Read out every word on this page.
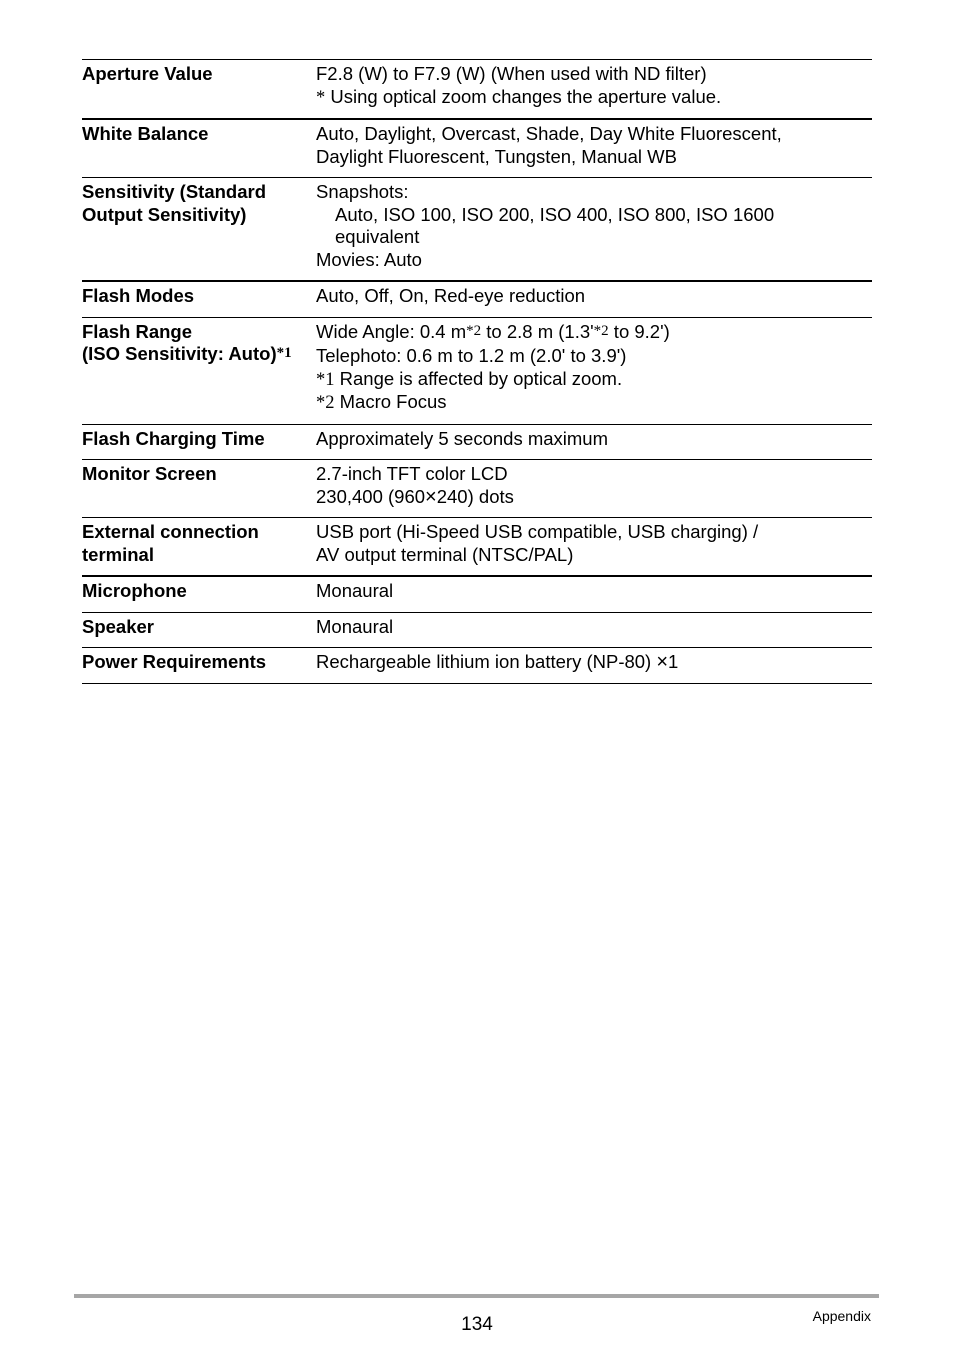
Aperture Value	F2.8 (W) to F7.9 (W) (When used with ND filter)
* Using optical zoom changes the aperture value.

White Balance	Auto, Daylight, Overcast, Shade, Day White Fluorescent,
Daylight Fluorescent, Tungsten, Manual WB

Sensitivity (Standard
Output Sensitivity)	Snapshots:
Auto, ISO 100, ISO 200, ISO 400, ISO 800, ISO 1600
equivalent
Movies: Auto

Flash Modes	Auto, Off, On, Red-eye reduction

Flash Range
(ISO Sensitivity: Auto)*1	Wide Angle: 0.4 m*2 to 2.8 m (1.3'*2 to 9.2')
Telephoto: 0.6 m to 1.2 m (2.0' to 3.9')
*1 Range is affected by optical zoom.
*2 Macro Focus

Flash Charging Time	Approximately 5 seconds maximum

Monitor Screen	2.7-inch TFT color LCD
230,400 (960×240) dots

External connection
terminal	USB port (Hi-Speed USB compatible, USB charging) /
AV output terminal (NTSC/PAL)

Microphone	Monaural

Speaker	Monaural

Power Requirements	Rechargeable lithium ion battery (NP-80) ×1
134	Appendix
